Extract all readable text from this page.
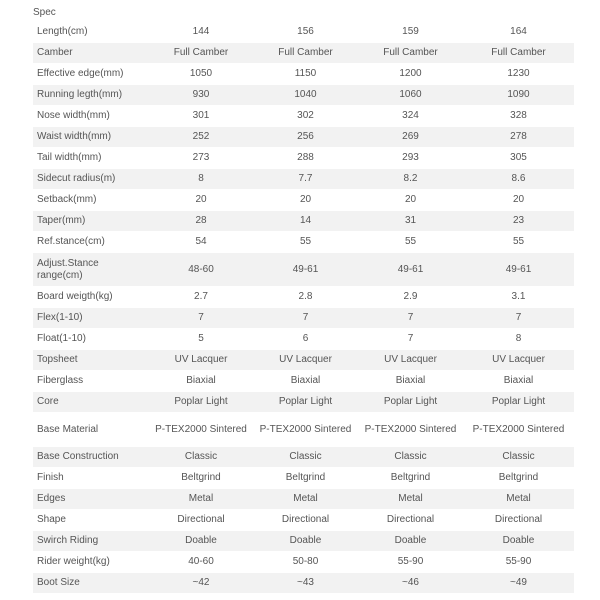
Spec
Length(cm)	144	156	159	164
Camber	Full Camber	Full Camber	Full Camber	Full Camber
Effective edge(mm)	1050	1150	1200	1230
Running legth(mm)	930	1040	1060	1090
Nose width(mm)	301	302	324	328
Waist width(mm)	252	256	269	278
Tail width(mm)	273	288	293	305
Sidecut radius(m)	8	7.7	8.2	8.6
Setback(mm)	20	20	20	20
Taper(mm)	28	14	31	23
Ref.stance(cm)	54	55	55	55
Adjust.Stance range(cm)	48-60	49-61	49-61	49-61
Board weigth(kg)	2.7	2.8	2.9	3.1
Flex(1-10)	7	7	7	7
Float(1-10)	5	6	7	8
Topsheet	UV Lacquer	UV Lacquer	UV Lacquer	UV Lacquer
Fiberglass	Biaxial	Biaxial	Biaxial	Biaxial
Core	Poplar Light	Poplar Light	Poplar Light	Poplar Light
Base Material	P-TEX2000 Sintered	P-TEX2000 Sintered	P-TEX2000 Sintered	P-TEX2000 Sintered
Base Construction	Classic	Classic	Classic	Classic
Finish	Beltgrind	Beltgrind	Beltgrind	Beltgrind
Edges	Metal	Metal	Metal	Metal
Shape	Directional	Directional	Directional	Directional
Swirch Riding	Doable	Doable	Doable	Doable
Rider weight(kg)	40-60	50-80	55-90	55-90
Boot Size	~42	~43	~46	~49
